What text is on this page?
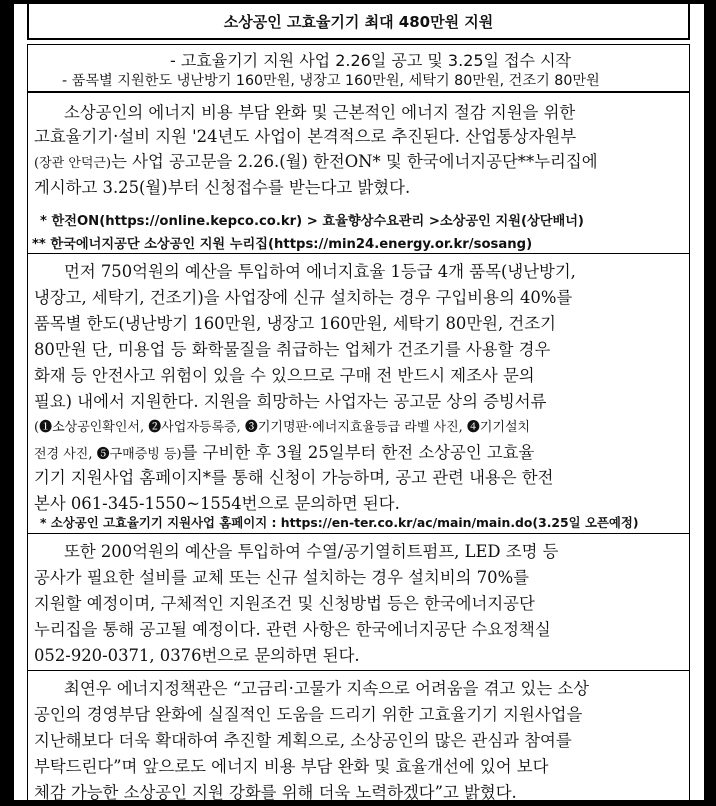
소상공인 고효율기기 최대 480만원 지원
- 고효율기기 지원 사업 2.26일 공고 및 3.25일 접수 시작
- 품목별 지원한도 냉난방기 160만원, 냉장고 160만원, 세탁기 80만원, 건조기 80만원
소상공인의 에너지 비용 부담 완화 및 근본적인 에너지 절감 지원을 위한
고효율기기·설비 지원 '24년도 사업이 본격적으로 추진된다. 산업통상자원부
(장관 안덕근)는 사업 공고문을 2.26.(월) 한전ON* 및 한국에너지공단**누리집에
게시하고 3.25(월)부터 신청접수를 받는다고 밝혔다.
* 한전ON(https://online.kepco.co.kr) > 효율향상수요관리 >소상공인 지원(상단배너)
** 한국에너지공단 소상공인 지원 누리집(https://min24.energy.or.kr/sosang)
먼저 750억원의 예산을 투입하여 에너지효율 1등급 4개 품목(냉난방기,
냉장고, 세탁기, 건조기)을 사업장에 신규 설치하는 경우 구입비용의 40%를
품목별 한도(냉난방기 160만원, 냉장고 160만원, 세탁기 80만원, 건조기
80만원 단, 미용업 등 화학물질을 취급하는 업체가 건조기를 사용할 경우
화재 등 안전사고 위험이 있을 수 있으므로 구매 전 반드시 제조사 문의
필요) 내에서 지원한다. 지원을 희망하는 사업자는 공고문 상의 증빙서류
(❶소상공인확인서, ❷사업자등록증, ❸기기명판·에너지효율등급 라벨 사진, ❹기기설치
전경 사진, ❺구매증빙 등)를 구비한 후 3월 25일부터 한전 소상공인 고효율
기기 지원사업 홈페이지*를 통해 신청이 가능하며, 공고 관련 내용은 한전
본사 061-345-1550~1554번으로 문의하면 된다.
* 소상공인 고효율기기 지원사업 홈페이지 : https://en-ter.co.kr/ac/main/main.do(3.25일 오픈예정)
또한 200억원의 예산을 투입하여 수열/공기열히트펌프, LED 조명 등
공사가 필요한 설비를 교체 또는 신규 설치하는 경우 설치비의 70%를
지원할 예정이며, 구체적인 지원조건 및 신청방법 등은 한국에너지공단
누리집을 통해 공고될 예정이다. 관련 사항은 한국에너지공단 수요정책실
052-920-0371, 0376번으로 문의하면 된다.
최연우 에너지정책관은 “고금리·고물가 지속으로 어려움을 겪고 있는 소상
공인의 경영부담 완화에 실질적인 도움을 드리기 위한 고효율기기 지원사업을
지난해보다 더욱 확대하여 추진할 계획으로, 소상공인의 많은 관심과 참여를
부탁드린다”며 앞으로도 에너지 비용 부담 완화 및 효율개선에 있어 보다
체감 가능한 소상공인 지원 강화를 위해 더욱 노력하겠다”고 밝혔다.
